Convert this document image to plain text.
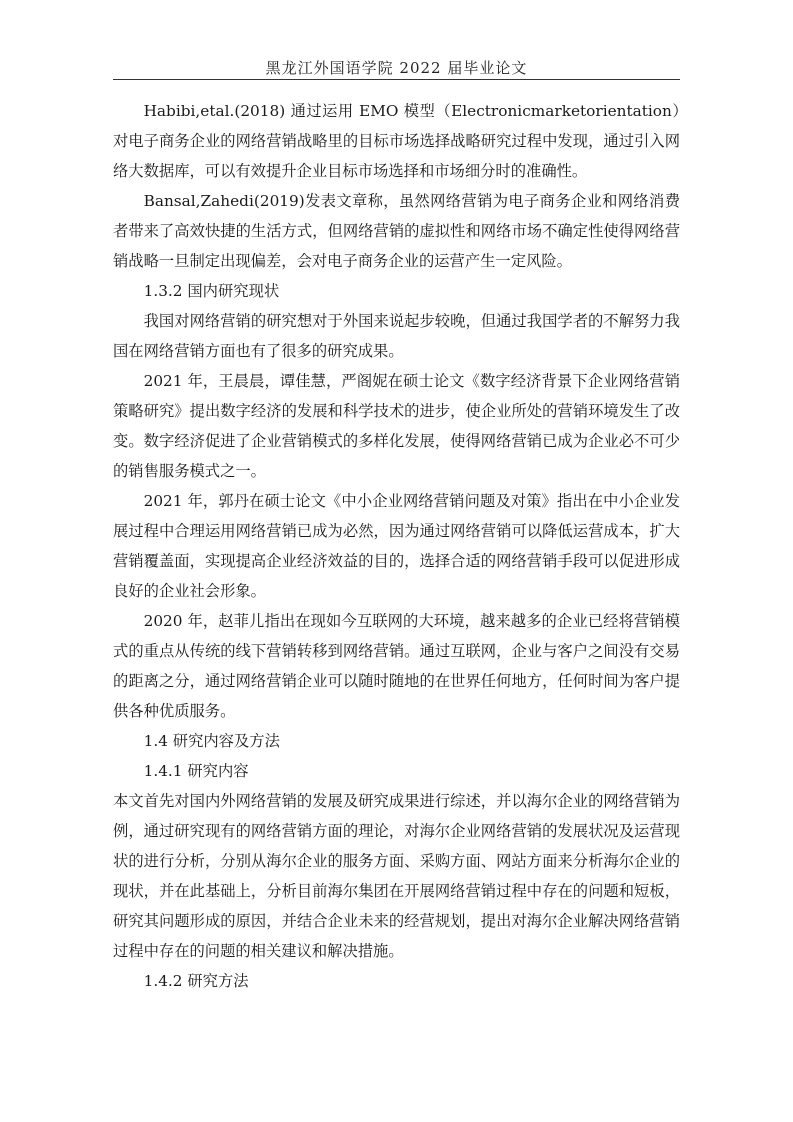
黑龙江外国语学院 2022 届毕业论文

Habibi,etal.(2018) 通过运用 EMO 模型（Electronicmarketorientation）对电子商务企业的网络营销战略里的目标市场选择战略研究过程中发现，通过引入网络大数据库，可以有效提升企业目标市场选择和市场细分时的准确性。

Bansal,Zahedi(2019)发表文章称，虽然网络营销为电子商务企业和网络消费者带来了高效快捷的生活方式，但网络营销的虚拟性和网络市场不确定性使得网络营销战略一旦制定出现偏差，会对电子商务企业的运营产生一定风险。

1.3.2 国内研究现状

我国对网络营销的研究想对于外国来说起步较晚，但通过我国学者的不解努力我国在网络营销方面也有了很多的研究成果。

2021 年，王晨晨，谭佳慧，严阁妮在硕士论文《数字经济背景下企业网络营销策略研究》提出数字经济的发展和科学技术的进步，使企业所处的营销环境发生了改变。数字经济促进了企业营销模式的多样化发展，使得网络营销已成为企业必不可少的销售服务模式之一。

2021 年，郭丹在硕士论文《中小企业网络营销问题及对策》指出在中小企业发展过程中合理运用网络营销已成为必然，因为通过网络营销可以降低运营成本，扩大营销覆盖面，实现提高企业经济效益的目的，选择合适的网络营销手段可以促进形成良好的企业社会形象。

2020 年，赵菲儿指出在现如今互联网的大环境，越来越多的企业已经将营销模式的重点从传统的线下营销转移到网络营销。通过互联网，企业与客户之间没有交易的距离之分，通过网络营销企业可以随时随地的在世界任何地方，任何时间为客户提供各种优质服务。

1.4 研究内容及方法

1.4.1 研究内容

本文首先对国内外网络营销的发展及研究成果进行综述，并以海尔企业的网络营销为例，通过研究现有的网络营销方面的理论，对海尔企业网络营销的发展状况及运营现状的进行分析，分别从海尔企业的服务方面、采购方面、网站方面来分析海尔企业的现状，并在此基础上，分析目前海尔集团在开展网络营销过程中存在的问题和短板，研究其问题形成的原因，并结合企业未来的经营规划，提出对海尔企业解决网络营销过程中存在的问题的相关建议和解决措施。

1.4.2 研究方法
